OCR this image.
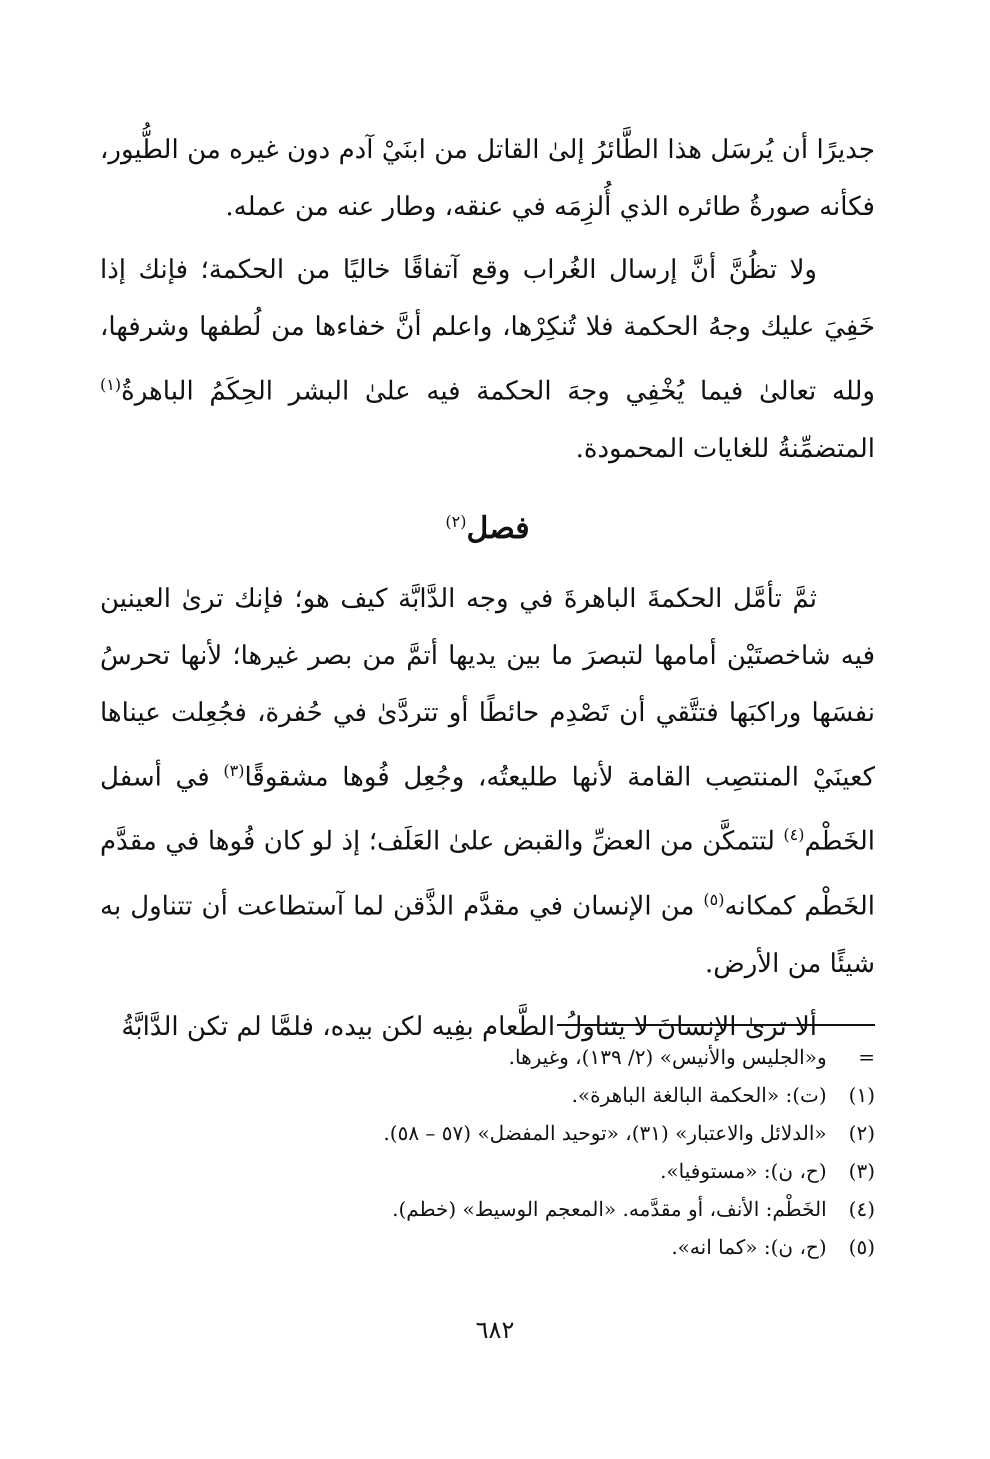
جديرًا أن يُرسَل هذا الطَّائرُ إلىٰ القاتل من ابنَيْ آدم دون غيره من الطُّيور، فكأنه صورةُ طائره الذي أُلزِمَه في عنقه، وطار عنه من عمله.

ولا تظُنَّ أنَّ إرسال الغُراب وقع آتفاقًا خاليًا من الحكمة؛ فإنك إذا خَفِيَ عليك وجهُ الحكمة فلا تُنكِرْها، واعلم أنَّ خفاءها من لُطفها وشرفها، ولله تعالىٰ فيما يُخْفِي وجهَ الحكمة فيه علىٰ البشر الحِكَمُ الباهرةُ$^{(١)}$ المتضمِّنةُ للغايات المحمودة.

فصل$^{(٢)}$

ثمَّ تأمَّل الحكمةَ الباهرةَ في وجه الدَّابَّة كيف هو؛ فإنك ترىٰ العينين فيه شاخصتَيْن أمامها لتبصرَ ما بين يديها أتمَّ من بصر غيرها؛ لأنها تحرسُ نفسَها وراكبَها فتتَّقي أن تَصْدِم حائطًا أو تتردَّىٰ في حُفرة، فجُعِلت عيناها كعينَيْ المنتصِب القامة لأنها طليعتُه، وجُعِل فُوها مشقوقًا$^{(٣)}$ في أسفل الخَطْم$^{(٤)}$ لتتمكَّن من العضِّ والقبض علىٰ العَلَف؛ إذ لو كان فُوها في مقدَّم الخَطْم كمكانه$^{(٥)}$ من الإنسان في مقدَّم الذَّقن لما آستطاعت أن تتناول به شيئًا من الأرض.

ألا ترىٰ الإنسانَ لا يتناولُ الطَّعام بفِيه لكن بيده، فلمَّا لم تكن الدَّابَّةُ

= و«الجليس والأنيس» (٢/ ١٣٩)، وغيرها.

(١) (ت): «الحكمة البالغة الباهرة».

(٢) «الدلائل والاعتبار» (٣١)، «توحيد المفضل» (٥٧ – ٥٨).

(٣) (ح، ن): «مستوفيا».

(٤) الخَطْم: الأنف، أو مقدَّمه. «المعجم الوسيط» (خطم).

(٥) (ح، ن): «كما انه».

٦٨٢
